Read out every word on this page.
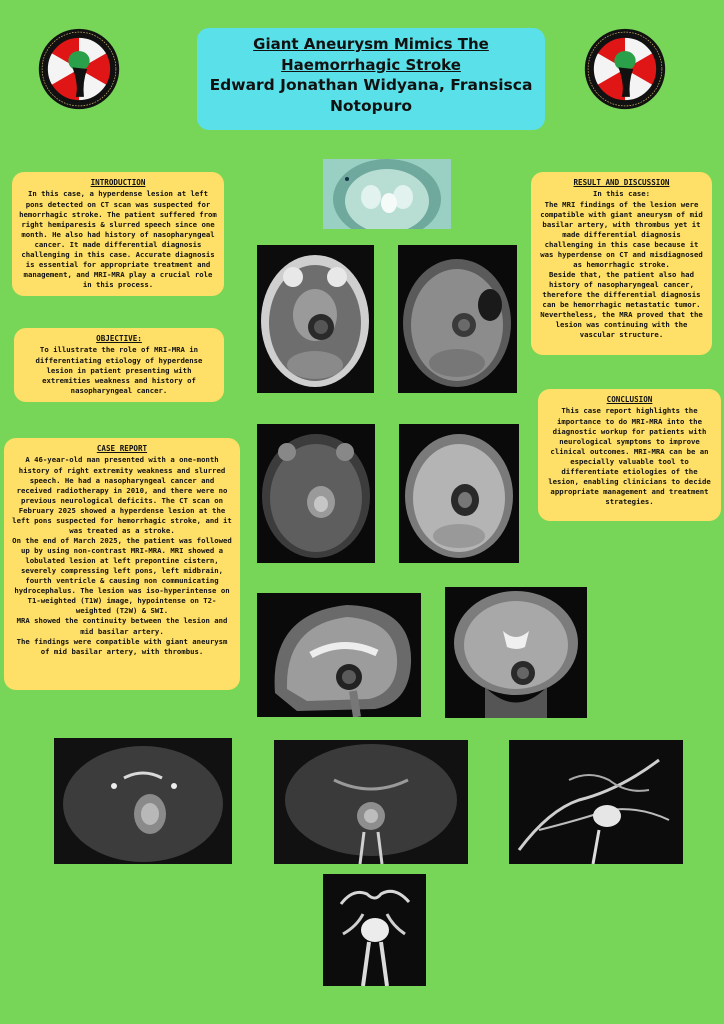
Giant Aneurysm Mimics The
Haemorrhagic Stroke
Edward Jonathan Widyana, Fransisca
Notopuro
INTRODUCTION

In this case, a hyperdense lesion at left pons detected on CT scan was suspected for hemorrhagic stroke. The patient suffered from right hemiparesis & slurred speech since one month. He also had history of nasopharyngeal cancer. It made differential diagnosis challenging in this case. Accurate diagnosis is essential for appropriate treatment and management, and MRI-MRA play a crucial role in this process.

OBJECTIVE:

To illustrate the role of MRI-MRA in differentiating etiology of hyperdense lesion in patient presenting with extremities weakness and history of nasopharyngeal cancer.

CASE REPORT

A 46-year-old man presented with a one-month history of right extremity weakness and slurred speech. He had a nasopharyngeal cancer and received radiotherapy in 2010, and there were no previous neurological deficits. The CT scan on February 2025 showed a hyperdense lesion at the left pons suspected for hemorrhagic stroke, and it was treated as a stroke.
On the end of March 2025, the patient was followed up by using non-contrast MRI-MRA. MRI showed a lobulated lesion at left prepontine cistern, severely compressing left pons, left midbrain, fourth ventricle & causing non communicating hydrocephalus. The lesion was iso-hyperintense on T1-weighted (T1W) image, hypointense on T2-weighted (T2W) & SWI.
MRA showed the continuity between the lesion and mid basilar artery.
The findings were compatible with giant aneurysm of mid basilar artery, with thrombus.

RESULT AND DISCUSSION

In this case:
The MRI findings of the lesion were compatible with giant aneurysm of mid basilar artery, with thrombus yet it made differential diagnosis challenging in this case because it was hyperdense on CT and misdiagnosed as hemorrhagic stroke.
Beside that, the patient also had history of nasopharyngeal cancer, therefore the differential diagnosis can be hemorrhagic metastatic tumor.
Nevertheless, the MRA proved that the lesion was continuing with the vascular structure.

CONCLUSION

This case report highlights the importance to do MRI-MRA into the diagnostic workup for patients with neurological symptoms to improve clinical outcomes. MRI-MRA can be an especially valuable tool to differentiate etiologies of the lesion, enabling clinicians to decide appropriate management and treatment strategies.
